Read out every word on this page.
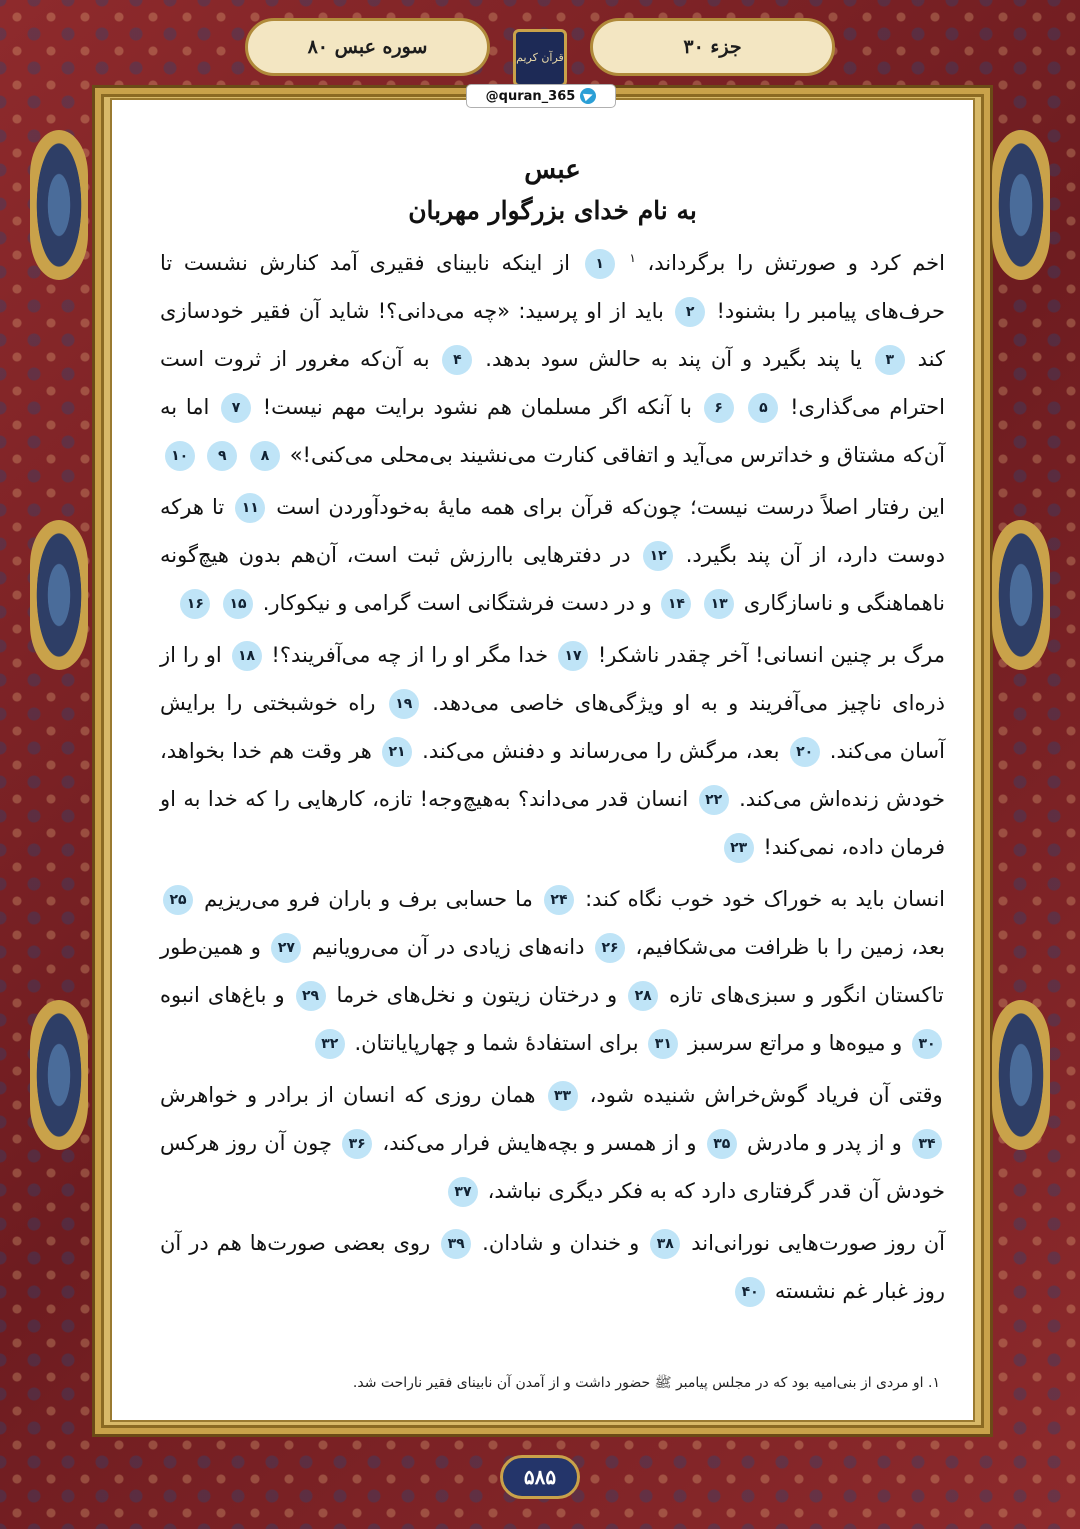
سوره عبس ۸۰	قرآن کریم	جزء ۳۰
@quran_365
عبس
به نام خدای بزرگوار مهربان
اخم کرد و صورتش را برگرداند، $^۱$ ۱ از اینکه نابینای فقیری آمد کنارش نشست تا حرف‌های پیامبر را بشنود! ۲ باید از او پرسید: «چه می‌دانی؟! شاید آن فقیر خودسازی کند ۳ یا پند بگیرد و آن پند به حالش سود بدهد. ۴ به آن‌که مغرور از ثروت است احترام می‌گذاری! ۵ ۶ با آنکه اگر مسلمان هم نشود برایت مهم نیست! ۷ اما به آن‌که مشتاق و خداترس می‌آید و اتفاقی کنارت می‌نشیند بی‌محلی می‌کنی!» ۸ ۹ ۱۰
این رفتار اصلاً درست نیست؛ چون‌که قرآن برای همه مایهٔ به‌خودآوردن است ۱۱ تا هرکه دوست دارد، از آن پند بگیرد. ۱۲ در دفترهایی باارزش ثبت است، آن‌هم بدون هیچ‌گونه ناهماهنگی و ناسازگاری ۱۳ ۱۴ و در دست فرشتگانی است گرامی و نیکوکار. ۱۵ ۱۶
مرگ بر چنین انسانی! آخر چقدر ناشکر! ۱۷ خدا مگر او را از چه می‌آفریند؟! ۱۸ او را از ذره‌ای ناچیز می‌آفریند و به او ویژگی‌های خاصی می‌دهد. ۱۹ راه خوشبختی را برایش آسان می‌کند. ۲۰ بعد، مرگش را می‌رساند و دفنش می‌کند. ۲۱ هر وقت هم خدا بخواهد، خودش زنده‌اش می‌کند. ۲۲ انسان قدر می‌داند؟ به‌هیچ‌وجه! تازه، کارهایی را که خدا به او فرمان داده، نمی‌کند! ۲۳
انسان باید به خوراک خود خوب نگاه کند: ۲۴ ما حسابی برف و باران فرو می‌ریزیم ۲۵ بعد، زمین را با ظرافت می‌شکافیم، ۲۶ دانه‌های زیادی در آن می‌رویانیم ۲۷ و همین‌طور تاکستان انگور و سبزی‌های تازه ۲۸ و درختان زیتون و نخل‌های خرما ۲۹ و باغ‌های انبوه ۳۰ و میوه‌ها و مراتع سرسبز ۳۱ برای استفادهٔ شما و چهارپایانتان. ۳۲
وقتی آن فریاد گوش‌خراش شنیده شود، ۳۳ همان روزی که انسان از برادر و خواهرش ۳۴ و از پدر و مادرش ۳۵ و از همسر و بچه‌هایش فرار می‌کند، ۳۶ چون آن روز هرکس خودش آن قدر گرفتاری دارد که به فکر دیگری نباشد، ۳۷
آن روز صورت‌هایی نورانی‌اند ۳۸ و خندان و شادان. ۳۹ روی بعضی صورت‌ها هم در آن روز غبار غم نشسته ۴۰
۱. او مردی از بنی‌امیه بود که در مجلس پیامبر ﷺ حضور داشت و از آمدن آن نابینای فقیر ناراحت شد.
۵۸۵
